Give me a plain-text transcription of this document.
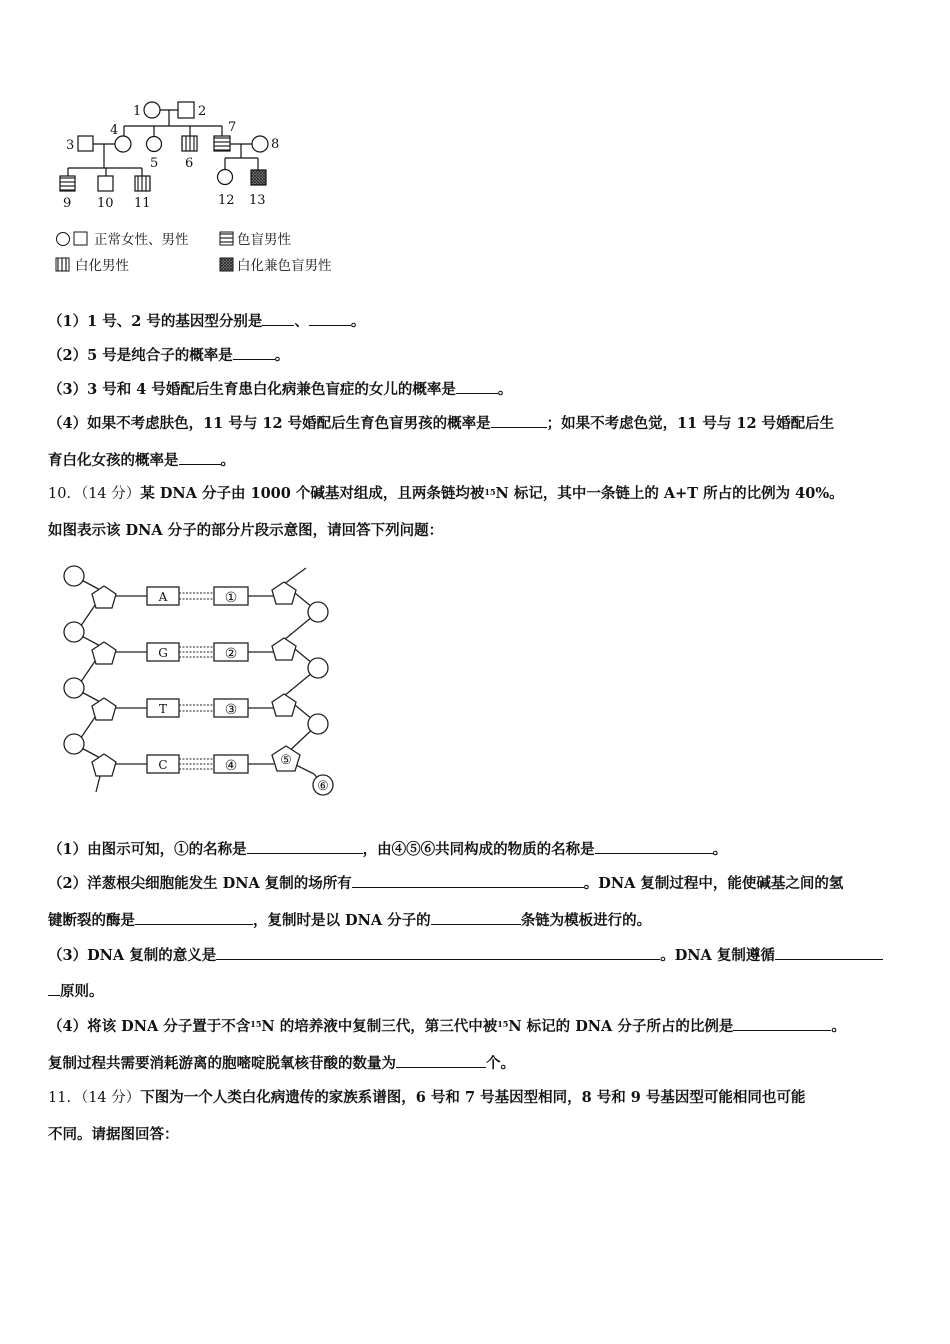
1	2
3
4
5 6
7
8
9 10 11	12 13
正常女性、男性	色盲男性
白化男性	白化兼色盲男性
（1）1 号、2 号的基因型分别是 、	。
（2）5 号是纯合子的概率是	。
（3）3 号和 4 号婚配后生育患白化病兼色盲症的女儿的概率是	。
（4）如果不考虑肤色，11 号与 12 号婚配后生育色盲男孩的概率是	；如果不考虑色觉，11 号与 12 号婚配后生
育白化女孩的概率是	。
10．（14 分）某 DNA 分子由 1000 个碱基对组成，且两条链均被$^{15}$N 标记，其中一条链上的 A+T 所占的比例为 40%。
如图表示该 DNA 分子的部分片段示意图，请回答下列问题：
A
G
T
C
①
②
③
④	⑤
⑥
（1）由图示可知，①的名称是	，由④⑤⑥共同构成的物质的名称是	。
（2）洋葱根尖细胞能发生 DNA 复制的场所有	。DNA 复制过程中，能使碱基之间的氢
键断裂的酶是	，复制时是以 DNA 分子的	条链为模板进行的。
（3）DNA 复制的意义是	。DNA 复制遵循
原则。
（4）将该 DNA 分子置于不含$^{15}$N 的培养液中复制三代，第三代中被$^{15}$N 标记的 DNA 分子所占的比例是	。
复制过程共需要消耗游离的胞嘧啶脱氧核苷酸的数量为	个。
11．（14 分）下图为一个人类白化病遗传的家族系谱图，6 号和 7 号基因型相同，8 号和 9 号基因型可能相同也可能
不同。请据图回答：
